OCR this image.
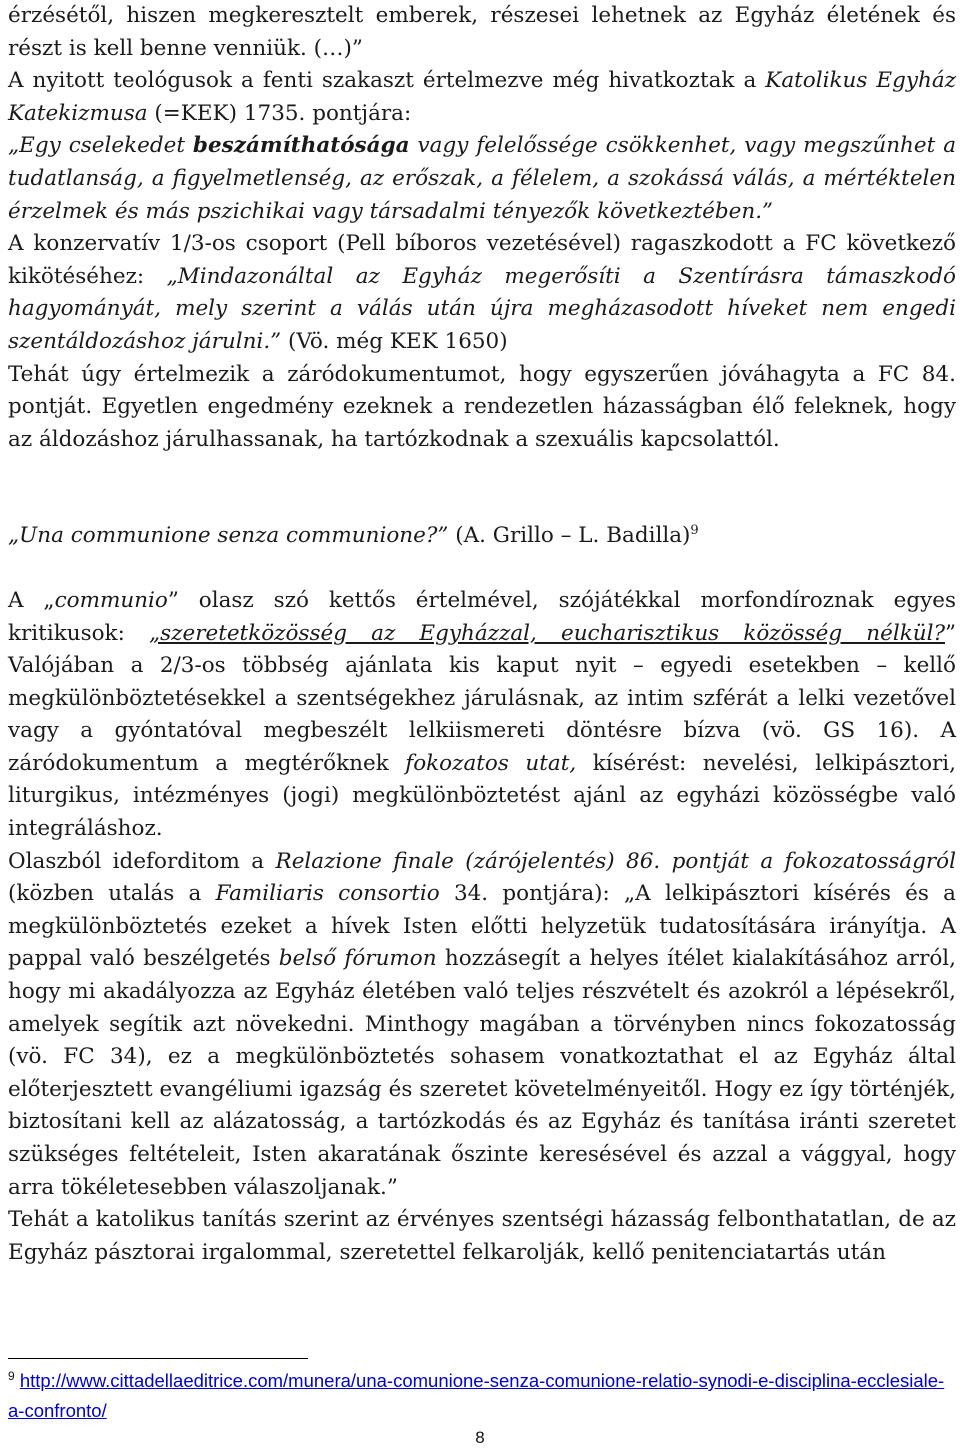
érzésétől, hiszen megkeresztelt emberek, részesei lehetnek az Egyház életének és részt is kell benne venniük. (…)”

A nyitott teológusok a fenti szakaszt értelmezve még hivatkoztak a Katolikus Egyház Katekizmusa (=KEK) 1735. pontjára:

„Egy cselekedet beszámíthatósága vagy felelőssége csökkenhet, vagy megszűnhet a tudatlanság, a figyelmetlenség, az erőszak, a félelem, a szokássá válás, a mértéktelen érzelmek és más pszichikai vagy társadalmi tényezők következtében.”

A konzervatív 1/3-os csoport (Pell bíboros vezetésével) ragaszkodott a FC következő kikötéséhez: „Mindazonáltal az Egyház megerősíti a Szentírásra támaszkodó hagyományát, mely szerint a válás után újra megházasodott híveket nem engedi szentáldozáshoz járulni.” (Vö. még KEK 1650)

Tehát úgy értelmezik a záródokumentumot, hogy egyszerűen jóváhagyta a FC 84. pontját. Egyetlen engedmény ezeknek a rendezetlen házasságban élő feleknek, hogy az áldozáshoz járulhassanak, ha tartózkodnak a szexuális kapcsolattól.

„Una communione senza communione?” (A. Grillo – L. Badilla)$^9$

A „communio” olasz szó kettős értelmével, szójátékkal morfondíroznak egyes kritikusok: „szeretetközösség az Egyházzal, eucharisztikus közösség nélkül?” Valójában a 2/3-os többség ajánlata kis kaput nyit – egyedi esetekben – kellő megkülönböztetésekkel a szentségekhez járulásnak, az intim szférát a lelki vezetővel vagy a gyóntatóval megbeszélt lelkiismereti döntésre bízva (vö. GS 16). A záródokumentum a megtérőknek fokozatos utat, kísérést: nevelési, lelkipásztori, liturgikus, intézményes (jogi) megkülönböztetést ajánl az egyházi közösségbe való integráláshoz.

Olaszból ideforditom a Relazione finale (zárójelentés) 86. pontját a fokozatosságról (közben utalás a Familiaris consortio 34. pontjára): „A lelkipásztori kísérés és a megkülönböztetés ezeket a hívek Isten előtti helyzetük tudatosítására irányítja. A pappal való beszélgetés belső fórumon hozzásegít a helyes ítélet kialakításához arról, hogy mi akadályozza az Egyház életében való teljes részvételt és azokról a lépésekről, amelyek segítik azt növekedni. Minthogy magában a törvényben nincs fokozatosság (vö. FC 34), ez a megkülönböztetés sohasem vonatkoztathat el az Egyház által előterjesztett evangéliumi igazság és szeretet követelményeitől. Hogy ez így történjék, biztosítani kell az alázatosság, a tartózkodás és az Egyház és tanítása iránti szeretet szükséges feltételeit, Isten akaratának őszinte keresésével és azzal a vággyal, hogy arra tökéletesebben válaszoljanak.”

Tehát a katolikus tanítás szerint az érvényes szentségi házasság felbonthatatlan, de az Egyház pásztorai irgalommal, szeretettel felkarolják, kellő penitenciatartás után

$^9$ http://www.cittadellaeditrice.com/munera/una-comunione-senza-comunione-relatio-synodi-e-disciplina-ecclesiale-a-confronto/
8
